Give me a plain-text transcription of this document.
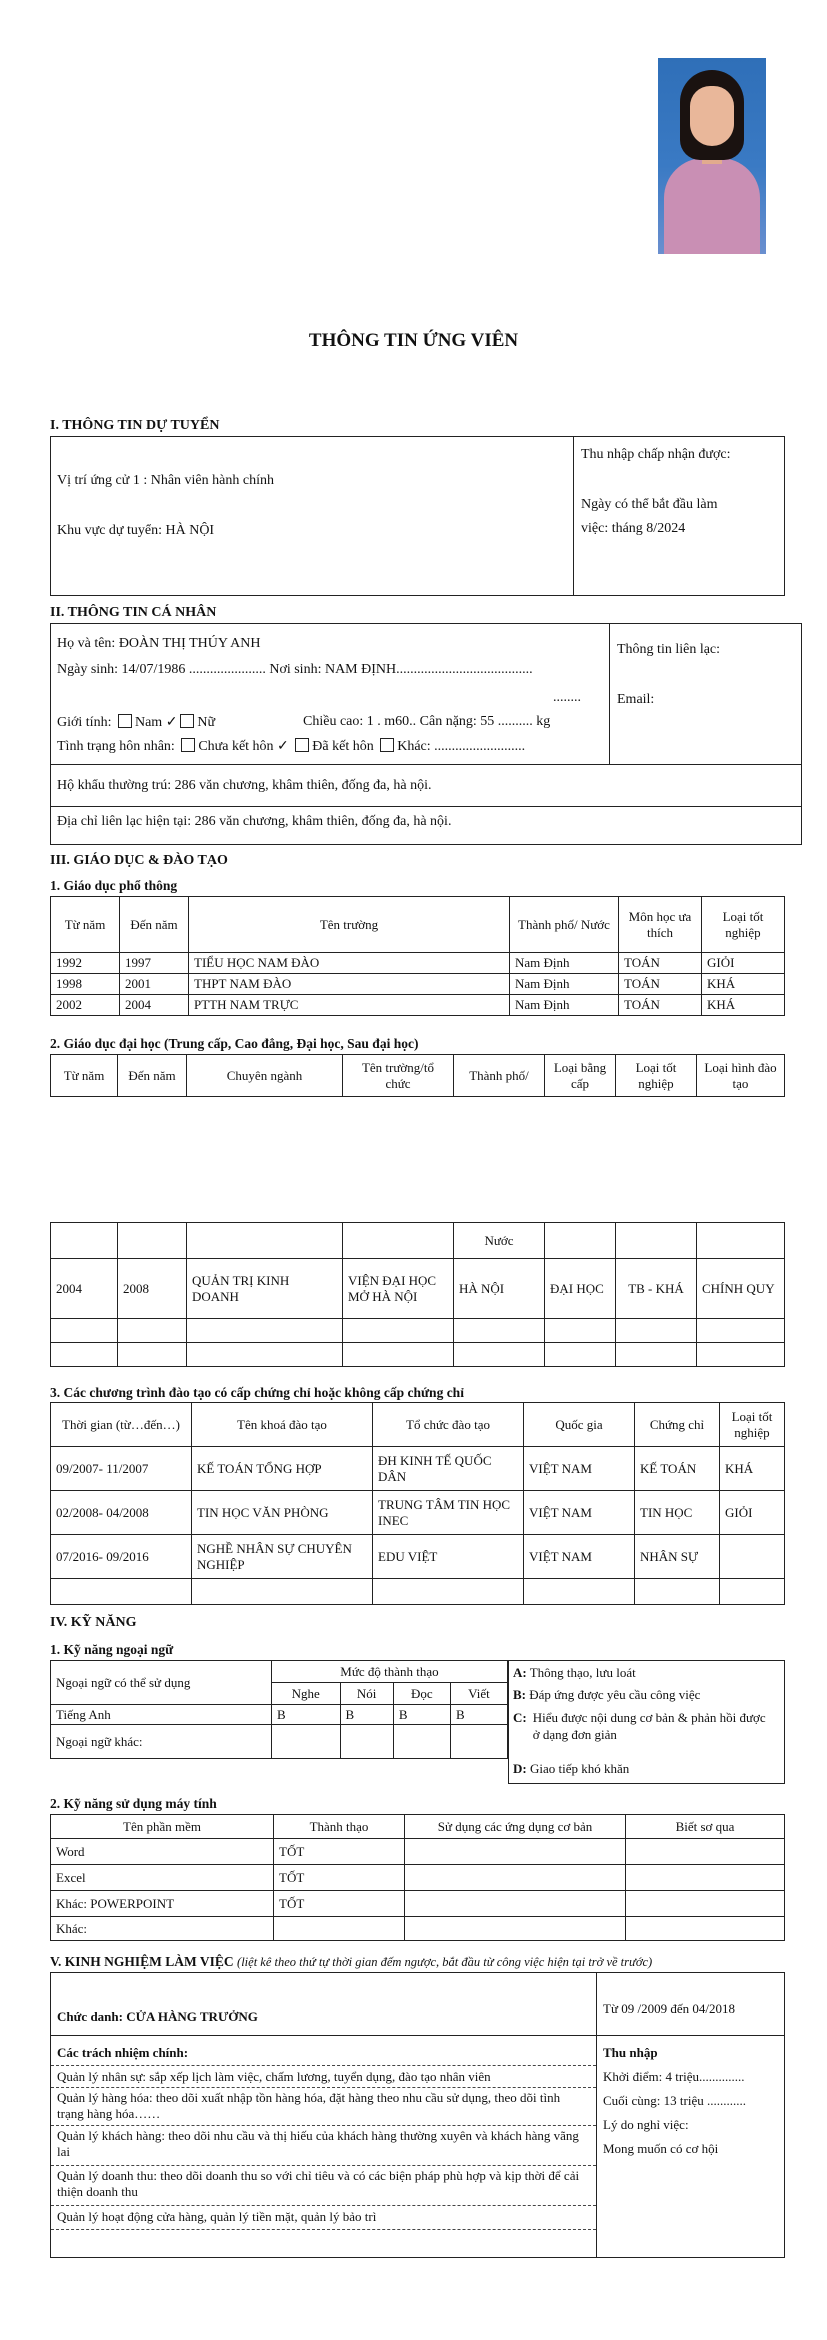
THÔNG TIN ỨNG VIÊN
I. THÔNG TIN DỰ TUYỂN
Vị trí ứng cử 1 : Nhân viên hành chính
Khu vực dự tuyển: HÀ NỘI
Thu nhập chấp nhận được:
Ngày có thể bắt đầu làm
việc: tháng 8/2024
II. THÔNG TIN CÁ NHÂN
Họ và tên: ĐOÀN THỊ THÚY ANH
Ngày sinh: 14/07/1986 ...................... Nơi sinh: NAM ĐỊNH.......................................
........
Giới tính: Nam ✓ Nữ	Chiều cao: 1 . m60.. Cân nặng: 55 .......... kg
Tình trạng hôn nhân: Chưa kết hôn ✓ Đã kết hôn Khác: ..........................
Thông tin liên lạc:
Email:
Hộ khẩu thường trú: 286 văn chương, khâm thiên, đống đa, hà nội.
Địa chỉ liên lạc hiện tại: 286 văn chương, khâm thiên, đống đa, hà nội.
III. GIÁO DỤC & ĐÀO TẠO
1. Giáo dục phổ thông
Từ năm	Đến năm	Tên trường	Thành phố/ Nước	Môn học ưa thích	Loại tốt nghiệp
1992	1997	TIỂU HỌC NAM ĐÀO	Nam Định	TOÁN	GIỎI
1998	2001	THPT NAM ĐÀO	Nam Định	TOÁN	KHÁ
2002	2004	PTTH NAM TRỰC	Nam Định	TOÁN	KHÁ
2. Giáo dục đại học (Trung cấp, Cao đẳng, Đại học, Sau đại học)
Từ năm	Đến năm	Chuyên ngành	Tên trường/tổ chức	Thành phố/	Loại bằng cấp	Loại tốt nghiệp	Loại hình đào tạo
				Nước			
2004	2008	QUẢN TRỊ KINH DOANH	VIỆN ĐẠI HỌC MỞ HÀ NỘI	HÀ NỘI	ĐẠI HỌC	TB - KHÁ	CHÍNH QUY

3. Các chương trình đào tạo có cấp chứng chỉ hoặc không cấp chứng chỉ
Thời gian (từ…đến…)	Tên khoá đào tạo	Tổ chức đào tạo	Quốc gia	Chứng chỉ	Loại tốt nghiệp
09/2007- 11/2007	KẾ TOÁN TỔNG HỢP	ĐH KINH TẾ QUỐC DÂN	VIỆT NAM	KẾ TOÁN	KHÁ
02/2008- 04/2008	TIN HỌC VĂN PHÒNG	TRUNG TÂM TIN HỌC INEC	VIỆT NAM	TIN HỌC	GIỎI
07/2016- 09/2016	NGHỀ NHÂN SỰ CHUYÊN NGHIỆP	EDU VIỆT	VIỆT NAM	NHÂN SỰ	

IV. KỸ NĂNG
1. Kỹ năng ngoại ngữ
Ngoại ngữ có thể sử dụng	Mức độ thành thạo			
	Nghe	Nói	Đọc	Viết
Tiếng Anh	B	B	B	B
Ngoại ngữ khác:				
A: Thông thạo, lưu loát
B: Đáp ứng được yêu cầu công việc
C: Hiểu được nội dung cơ bản & phản hồi được ở dạng đơn giản
D: Giao tiếp khó khăn
2. Kỹ năng sử dụng máy tính
Tên phần mềm	Thành thạo	Sử dụng các ứng dụng cơ bản	Biết sơ qua
Word	TỐT		
Excel	TỐT		
Khác: POWERPOINT	TỐT		
Khác:			
V. KINH NGHIỆM LÀM VIỆC (liệt kê theo thứ tự thời gian đếm ngược, bắt đầu từ công việc hiện tại trở về trước)
Chức danh: CỬA HÀNG TRƯỞNG
Từ 09 /2009 đến 04/2018
Các trách nhiệm chính:
Quản lý nhân sự: sắp xếp lịch làm việc, chấm lương, tuyển dụng, đào tạo nhân viên
Quản lý hàng hóa: theo dõi xuất nhập tồn hàng hóa, đặt hàng theo nhu cầu sử dụng, theo dõi tình trạng hàng hóa……
Quản lý khách hàng: theo dõi nhu cầu và thị hiếu của khách hàng thường xuyên và khách hàng vãng lai
Quản lý doanh thu: theo dõi doanh thu so với chỉ tiêu và có các biện pháp phù hợp và kịp thời để cải thiện doanh thu
Quản lý hoạt động cửa hàng, quản lý tiền mặt, quản lý bảo trì
Thu nhập
Khởi điểm: 4 triệu..............
Cuối cùng: 13 triệu ............
Lý do nghỉ việc:
Mong muốn có cơ hội
